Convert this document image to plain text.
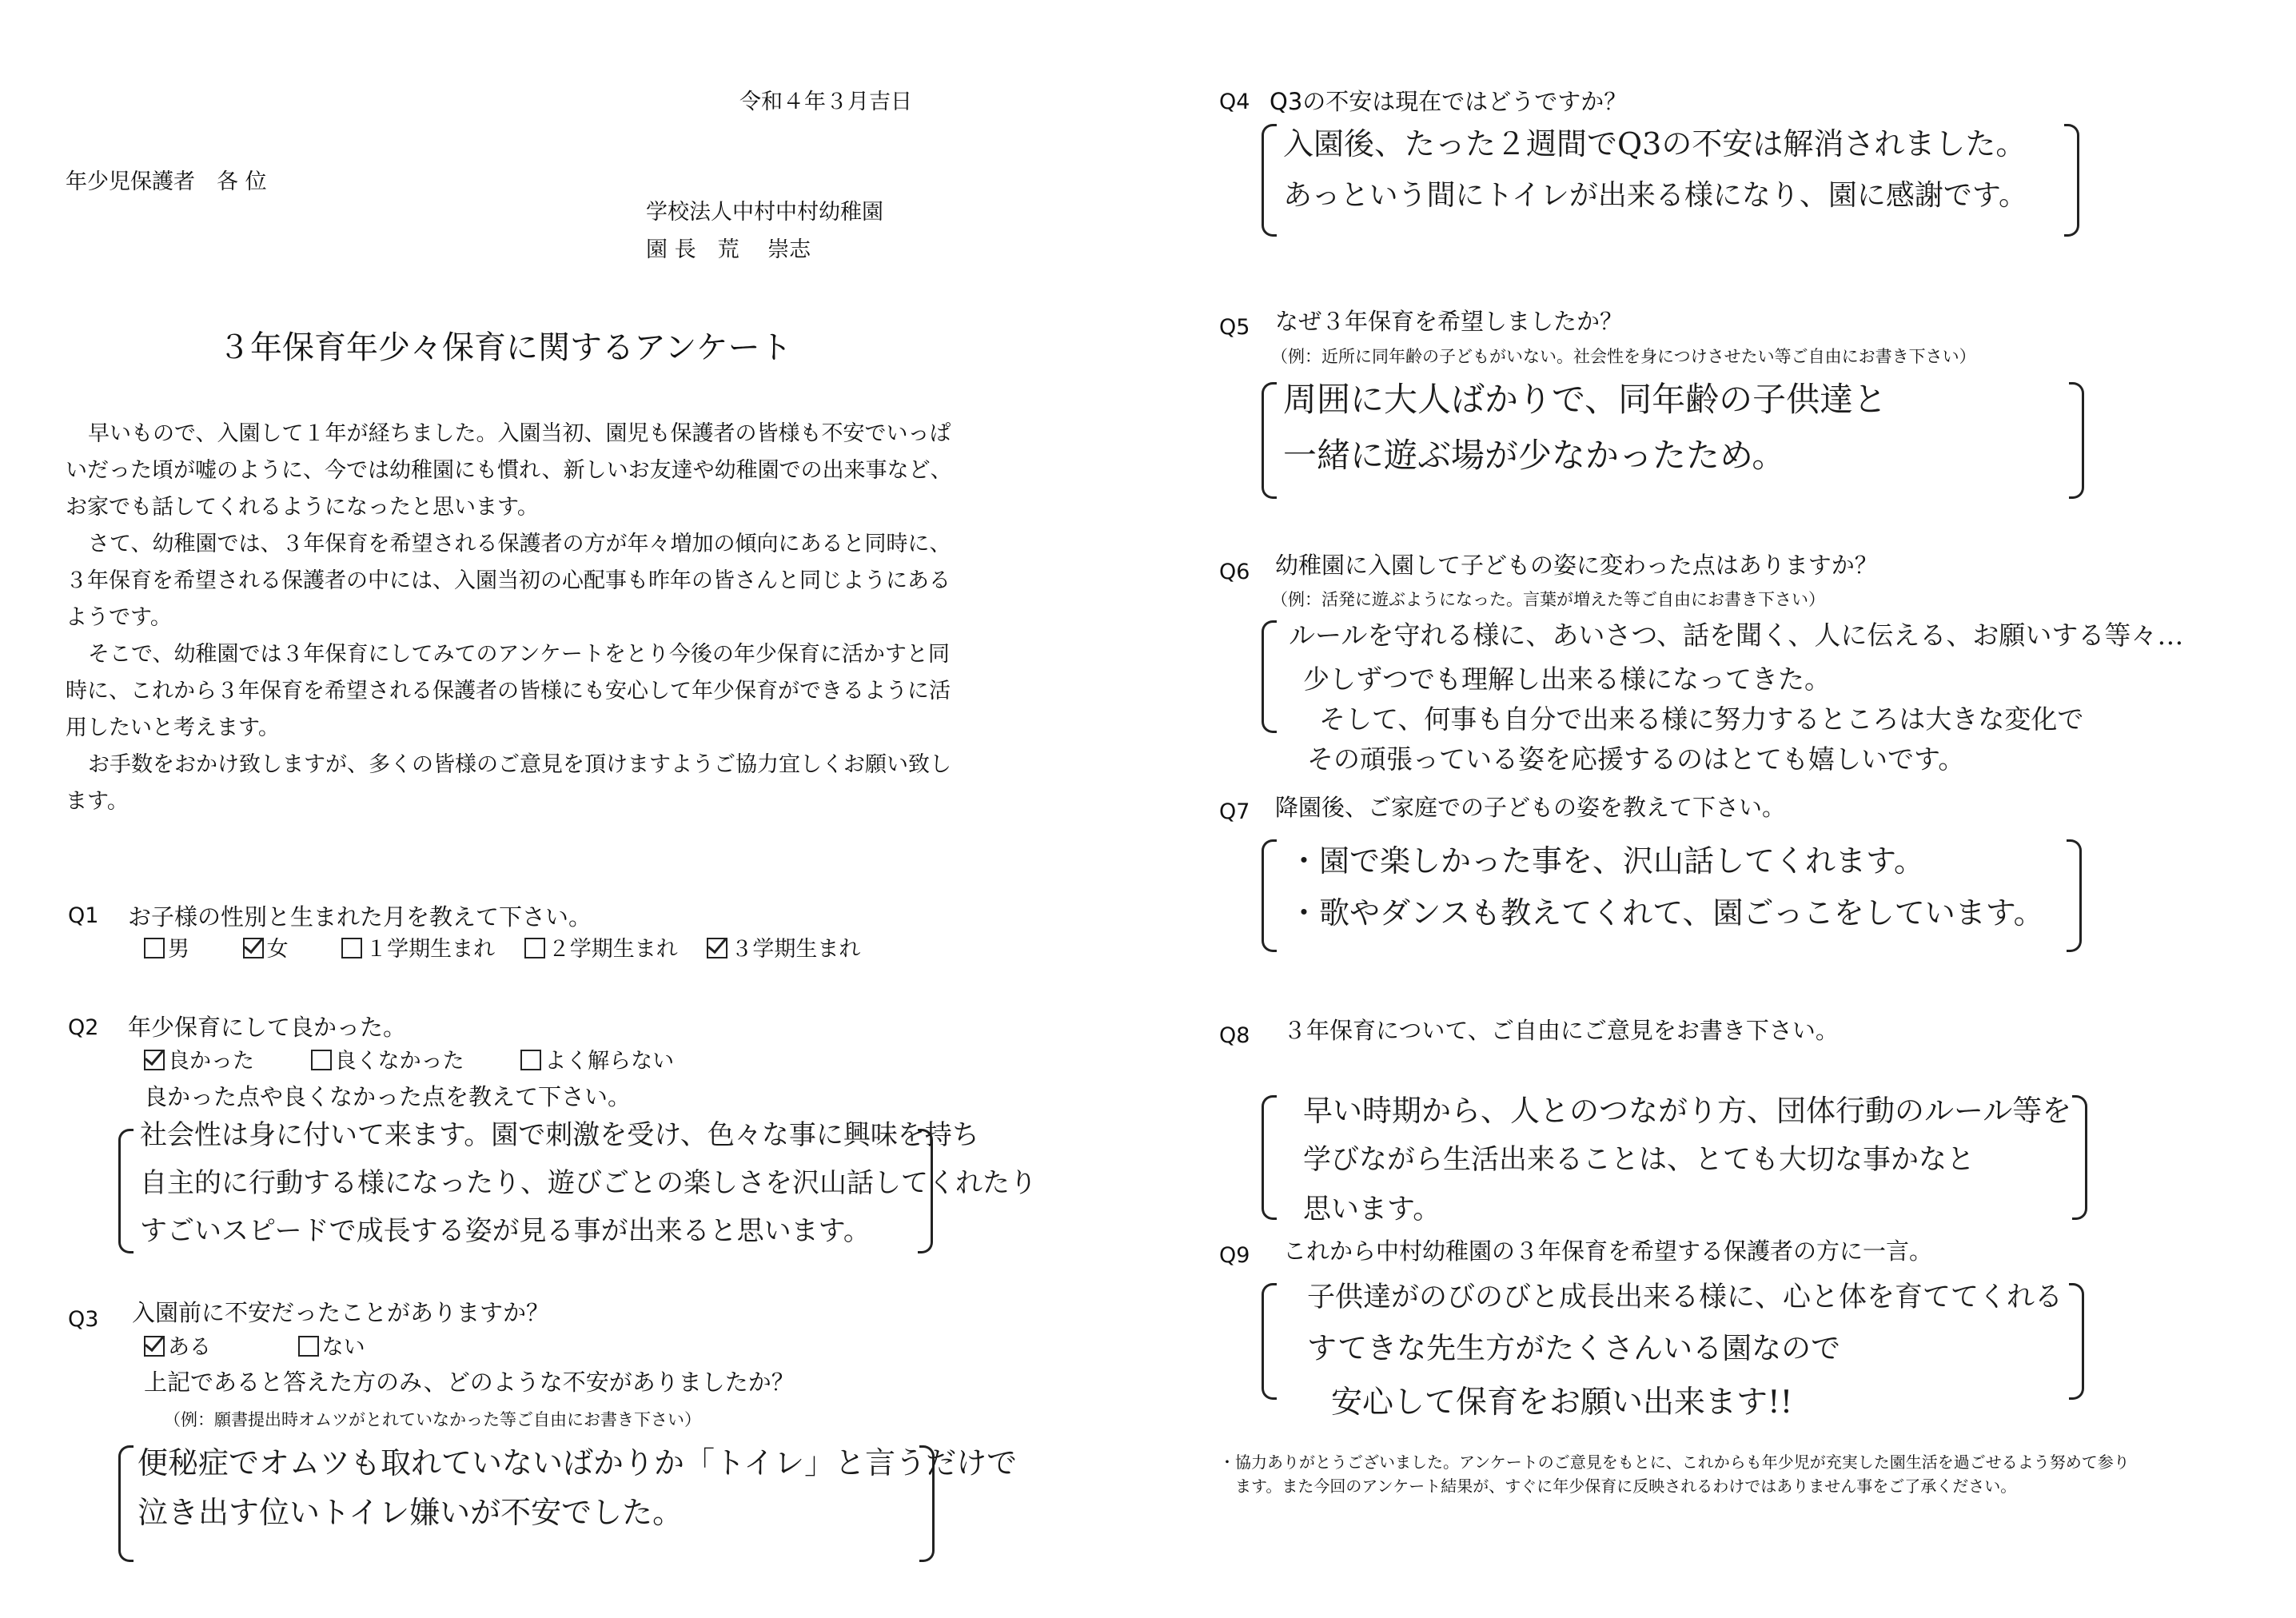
令和４年３月吉日
年少児保護者　各 位
学校法人中村中村幼稚園
園 長　荒　 崇志
３年保育年少々保育に関するアンケート

早いもので、入園して１年が経ちました。入園当初、園児も保護者の皆様も不安でいっぱいだった頃が嘘のように、今では幼稚園にも慣れ、新しいお友達や幼稚園での出来事など、お家でも話してくれるようになったと思います。

さて、幼稚園では、３年保育を希望される保護者の方が年々増加の傾向にあると同時に、３年保育を希望される保護者の中には、入園当初の心配事も昨年の皆さんと同じようにあるようです。

そこで、幼稚園では３年保育にしてみてのアンケートをとり今後の年少保育に活かすと同時に、これから３年保育を希望される保護者の皆様にも安心して年少保育ができるように活用したいと考えます。

お手数をおかけ致しますが、多くの皆様のご意見を頂けますようご協力宜しくお願い致します。

Q1 お子様の性別と生まれた月を教えて下さい。
男	女	１学期生まれ ２学期生まれ ３学期生まれ
Q2 年少保育にして良かった。
良かった	良くなかった	よく解らない
良かった点や良くなかった点を教えて下さい。
社会性は身に付いて来ます。園で刺激を受け、色々な事に興味を持ち
自主的に行動する様になったり、遊びごとの楽しさを沢山話してくれたり
すごいスピードで成長する姿が見る事が出来ると思います。
Q3 入園前に不安だったことがありますか？
ある	ない
上記であると答えた方のみ、どのような不安がありましたか？
（例：願書提出時オムツがとれていなかった等ご自由にお書き下さい）
便秘症でオムツも取れていないばかりか「トイレ」と言うだけで
泣き出す位いトイレ嫌いが不安でした。
Q4 Q3の不安は現在ではどうですか？
入園後、たった２週間でQ3の不安は解消されました。
あっという間にトイレが出来る様になり、園に感謝です。
Q5 なぜ３年保育を希望しましたか？
（例：近所に同年齢の子どもがいない。社会性を身につけさせたい等ご自由にお書き下さい）
周囲に大人ばかりで、同年齢の子供達と
一緒に遊ぶ場が少なかったため。
Q6 幼稚園に入園して子どもの姿に変わった点はありますか？
（例：活発に遊ぶようになった。言葉が増えた等ご自由にお書き下さい）
ルールを守れる様に、あいさつ、話を聞く、人に伝える、お願いする等々…
少しずつでも理解し出来る様になってきた。
そして、何事も自分で出来る様に努力するところは大きな変化で
その頑張っている姿を応援するのはとても嬉しいです。
Q7 降園後、ご家庭での子どもの姿を教えて下さい。
・園で楽しかった事を、沢山話してくれます。
・歌やダンスも教えてくれて、園ごっこをしています。
Q8 ３年保育について、ご自由にご意見をお書き下さい。
早い時期から、人とのつながり方、団体行動のルール等を
学びながら生活出来ることは、とても大切な事かなと
思います。
Q9 これから中村幼稚園の３年保育を希望する保護者の方に一言。
子供達がのびのびと成長出来る様に、心と体を育ててくれる
すてきな先生方がたくさんいる園なので
安心して保育をお願い出来ます!!
・協力ありがとうございました。アンケートのご意見をもとに、これからも年少児が充実した園生活を過ごせるよう努めて参り
ます。また今回のアンケート結果が、すぐに年少保育に反映されるわけではありません事をご了承ください。
